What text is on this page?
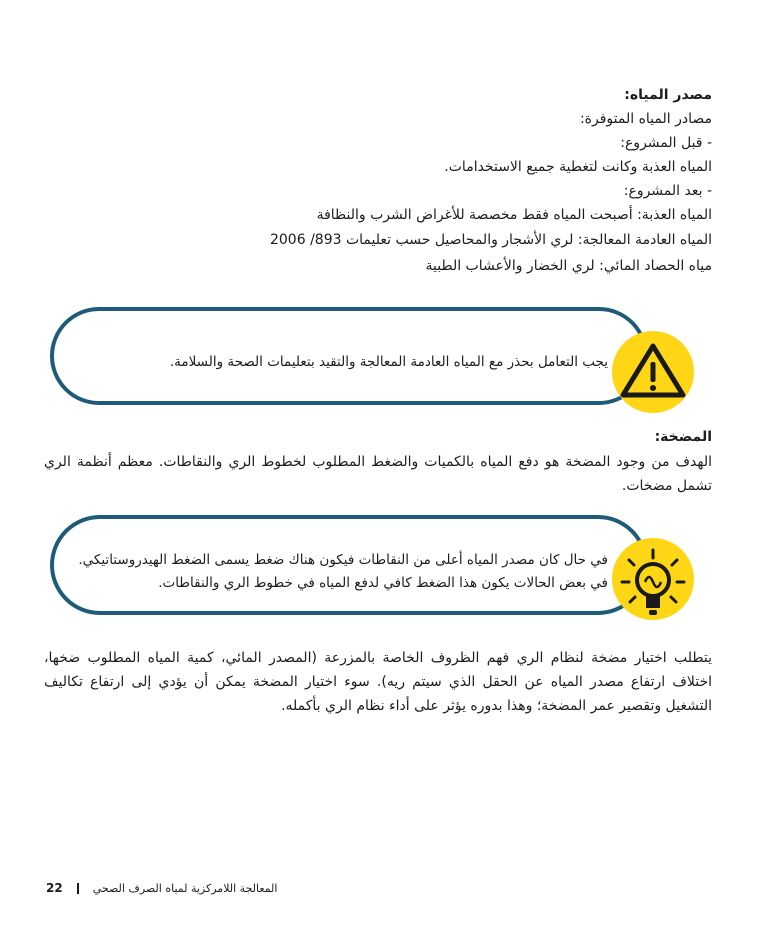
مصدر المياه:
مصادر المياه المتوفرة:
- قبل المشروع:
المياه العذبة وكانت لتغطية جميع الاستخدامات.
- بعد المشروع:
المياه العذبة: أصبحت المياه فقط مخصصة للأغراض الشرب والنظافة
المياه العادمة المعالجة: لري الأشجار والمحاصيل حسب تعليمات 893/ 2006
مياه الحصاد المائي: لري الخضار والأعشاب الطبية
يجب التعامل بحذر مع المياه العادمة المعالجة والتقيد بتعليمات الصحة والسلامة.
المضخة:
الهدف من وجود المضخة هو دفع المياه بالكميات والضغط المطلوب لخطوط الري والنقاطات. معظم أنظمة الري تشمل مضخات.
في حال كان مصدر المياه أعلى من النقاطات فيكون هناك ضغط يسمى الضغط الهيدروستاتيكي.
في بعض الحالات يكون هذا الضغط كافي لدفع المياه في خطوط الري والنقاطات.
يتطلب اختيار مضخة لنظام الري فهم الظروف الخاصة بالمزرعة (المصدر المائي، كمية المياه المطلوب ضخها، اختلاف ارتفاع مصدر المياه عن الحقل الذي سيتم ريه). سوء اختيار المضخة يمكن أن يؤدي إلى ارتفاع تكاليف التشغيل وتقصير عمر المضخة؛ وهذا بدوره يؤثر على أداء نظام الري بأكمله.
22	المعالجة اللامركزية لمياه الصرف الصحي
